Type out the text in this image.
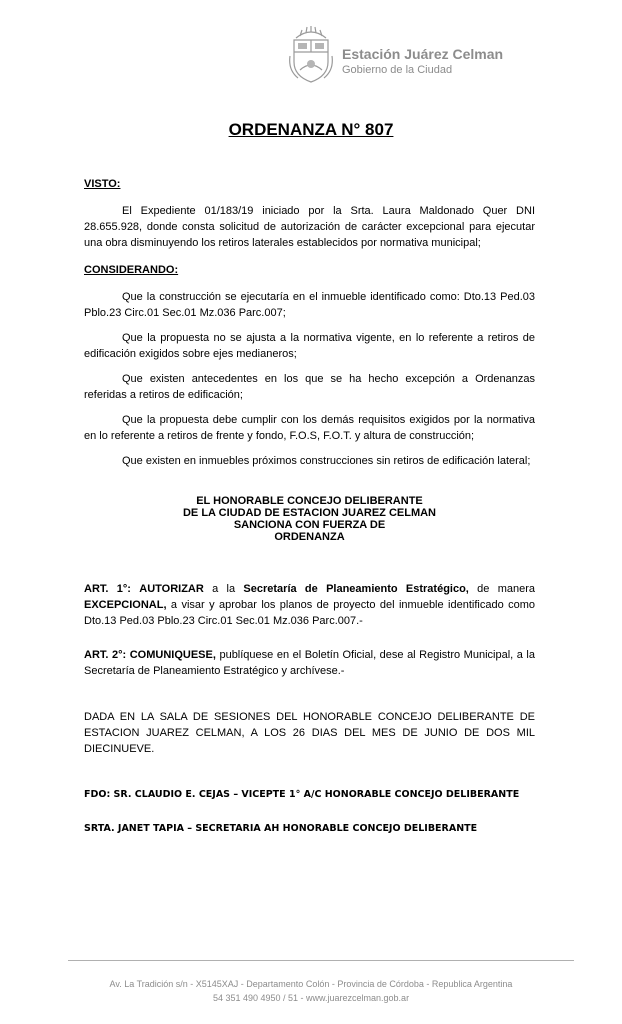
Estación Juárez Celman
Gobierno de la Ciudad
ORDENANZA N° 807

VISTO:

El Expediente 01/183/19 iniciado por la Srta. Laura Maldonado Quer DNI 28.655.928, donde consta solicitud de autorización de carácter excepcional para ejecutar una obra disminuyendo los retiros laterales establecidos por normativa municipal;

CONSIDERANDO:

Que la construcción se ejecutaría en el inmueble identificado como: Dto.13 Ped.03 Pblo.23 Circ.01 Sec.01 Mz.036 Parc.007;

Que la propuesta no se ajusta a la normativa vigente, en lo referente a retiros de edificación exigidos sobre ejes medianeros;

Que existen antecedentes en los que se ha hecho excepción a Ordenanzas referidas a retiros de edificación;

Que la propuesta debe cumplir con los demás requisitos exigidos por la normativa en lo referente a retiros de frente y fondo, F.O.S, F.O.T. y altura de construcción;

Que existen en inmuebles próximos construcciones sin retiros de edificación lateral;

EL HONORABLE CONCEJO DELIBERANTE
DE LA CIUDAD DE ESTACION JUAREZ CELMAN
SANCIONA CON FUERZA DE
ORDENANZA

ART. 1°: AUTORIZAR a la Secretaría de Planeamiento Estratégico, de manera EXCEPCIONAL, a visar y aprobar los planos de proyecto del inmueble identificado como Dto.13 Ped.03 Pblo.23 Circ.01 Sec.01 Mz.036 Parc.007.-

ART. 2°: COMUNIQUESE, publíquese en el Boletín Oficial, dese al Registro Municipal, a la Secretaría de Planeamiento Estratégico y archívese.-

DADA EN LA SALA DE SESIONES DEL HONORABLE CONCEJO DELIBERANTE DE ESTACION JUAREZ CELMAN, A LOS 26 DIAS DEL MES DE JUNIO DE DOS MIL DIECINUEVE.

FDO: SR. CLAUDIO E. CEJAS – VICEPTE 1° A/C HONORABLE CONCEJO DELIBERANTE

SRTA. JANET TAPIA – SECRETARIA AH HONORABLE CONCEJO DELIBERANTE

Av. La Tradición s/n - X5145XAJ - Departamento Colón - Provincia de Córdoba - Republica Argentina
54 351 490 4950 / 51 - www.juarezcelman.gob.ar
